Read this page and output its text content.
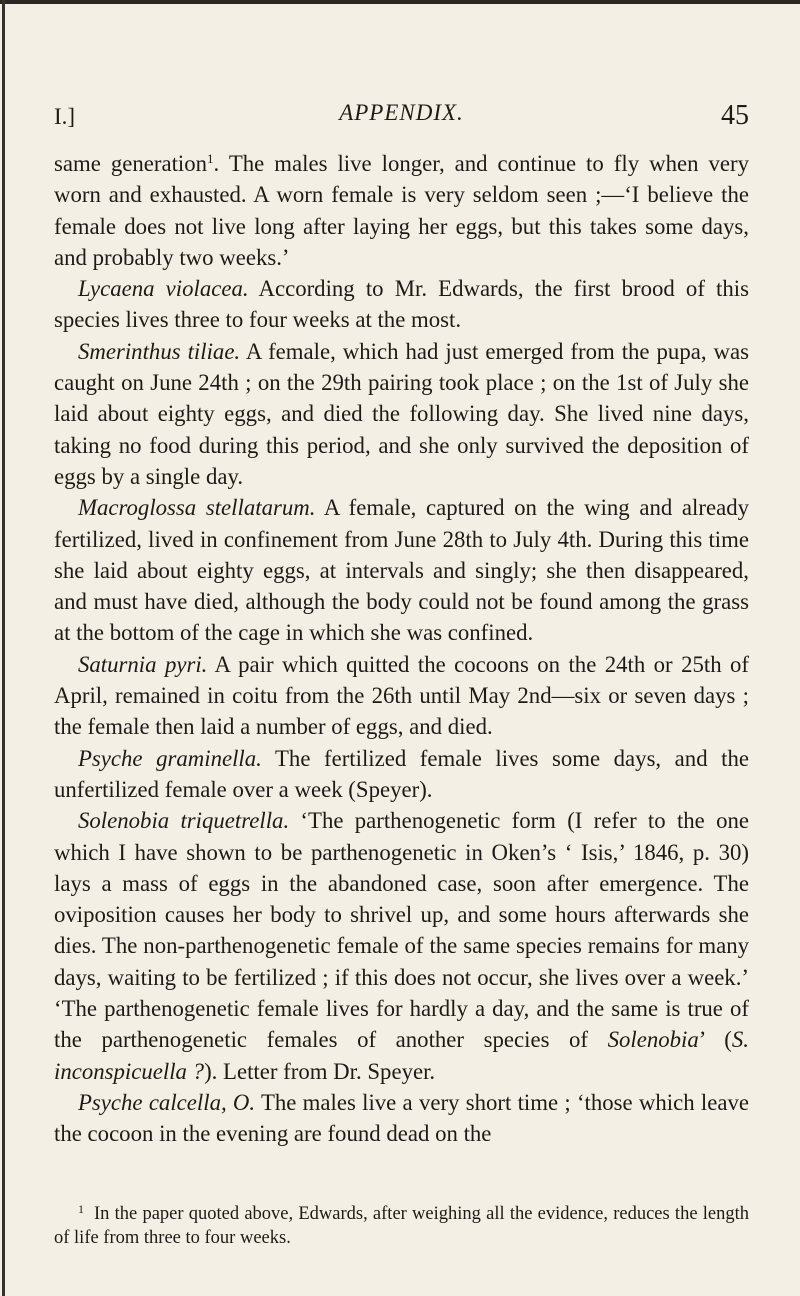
I.]	APPENDIX.	45

same generation$^1$. The males live longer, and continue to fly when very worn and exhausted. A worn female is very seldom seen ;—‘I believe the female does not live long after laying her eggs, but this takes some days, and probably two weeks.’

Lycaena violacea. According to Mr. Edwards, the first brood of this species lives three to four weeks at the most.

Smerinthus tiliae. A female, which had just emerged from the pupa, was caught on June 24th ; on the 29th pairing took place ; on the 1st of July she laid about eighty eggs, and died the following day. She lived nine days, taking no food during this period, and she only survived the deposition of eggs by a single day.

Macroglossa stellatarum. A female, captured on the wing and already fertilized, lived in confinement from June 28th to July 4th. During this time she laid about eighty eggs, at intervals and singly; she then disappeared, and must have died, although the body could not be found among the grass at the bottom of the cage in which she was confined.

Saturnia pyri. A pair which quitted the cocoons on the 24th or 25th of April, remained in coitu from the 26th until May 2nd—six or seven days ; the female then laid a number of eggs, and died.

Psyche graminella. The fertilized female lives some days, and the unfertilized female over a week (Speyer).

Solenobia triquetrella. ‘The parthenogenetic form (I refer to the one which I have shown to be parthenogenetic in Oken’s ‘ Isis,’ 1846, p. 30) lays a mass of eggs in the abandoned case, soon after emergence. The oviposition causes her body to shrivel up, and some hours afterwards she dies. The non-parthenogenetic female of the same species remains for many days, waiting to be fertilized ; if this does not occur, she lives over a week.’ ‘The parthenogenetic female lives for hardly a day, and the same is true of the parthenogenetic females of another species of Solenobia’ (S. inconspicuella ?). Letter from Dr. Speyer.

Psyche calcella, O. The males live a very short time ; ‘those which leave the cocoon in the evening are found dead on the

$^1$ In the paper quoted above, Edwards, after weighing all the evidence, reduces the length of life from three to four weeks.
